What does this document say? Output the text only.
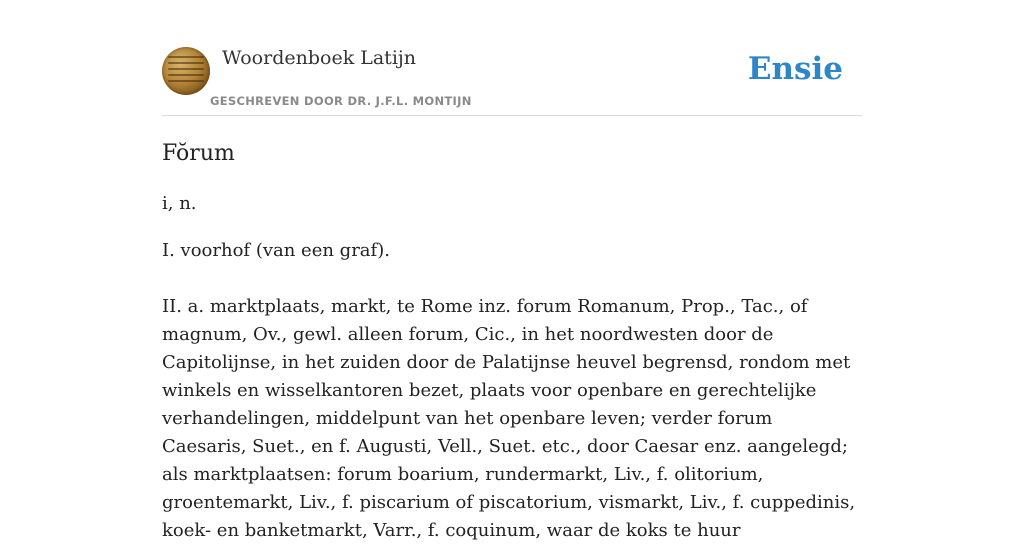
Woordenboek Latijn
GESCHREVEN DOOR DR. J.F.L. MONTIJN
Ensie
Fŏrum

i, n.

I. voorhof (van een graf).

II. a. marktplaats, markt, te Rome inz. forum Romanum, Prop., Tac., of magnum, Ov., gewl. alleen forum, Cic., in het noordwesten door de Capitolijnse, in het zuiden door de Palatijnse heuvel begrensd, rondom met winkels en wisselkantoren bezet, plaats voor openbare en gerechtelijke verhandelingen, middelpunt van het openbare leven; verder forum Caesaris, Suet., en f. Augusti, Vell., Suet. etc., door Caesar enz. aangelegd; als marktplaatsen: forum boarium, rundermarkt, Liv., f. olitorium, groentemarkt, Liv., f. piscarium of piscatorium, vismarkt, Liv., f. cuppedinis, koek- en banketmarkt, Varr., f. coquinum, waar de koks te huur
